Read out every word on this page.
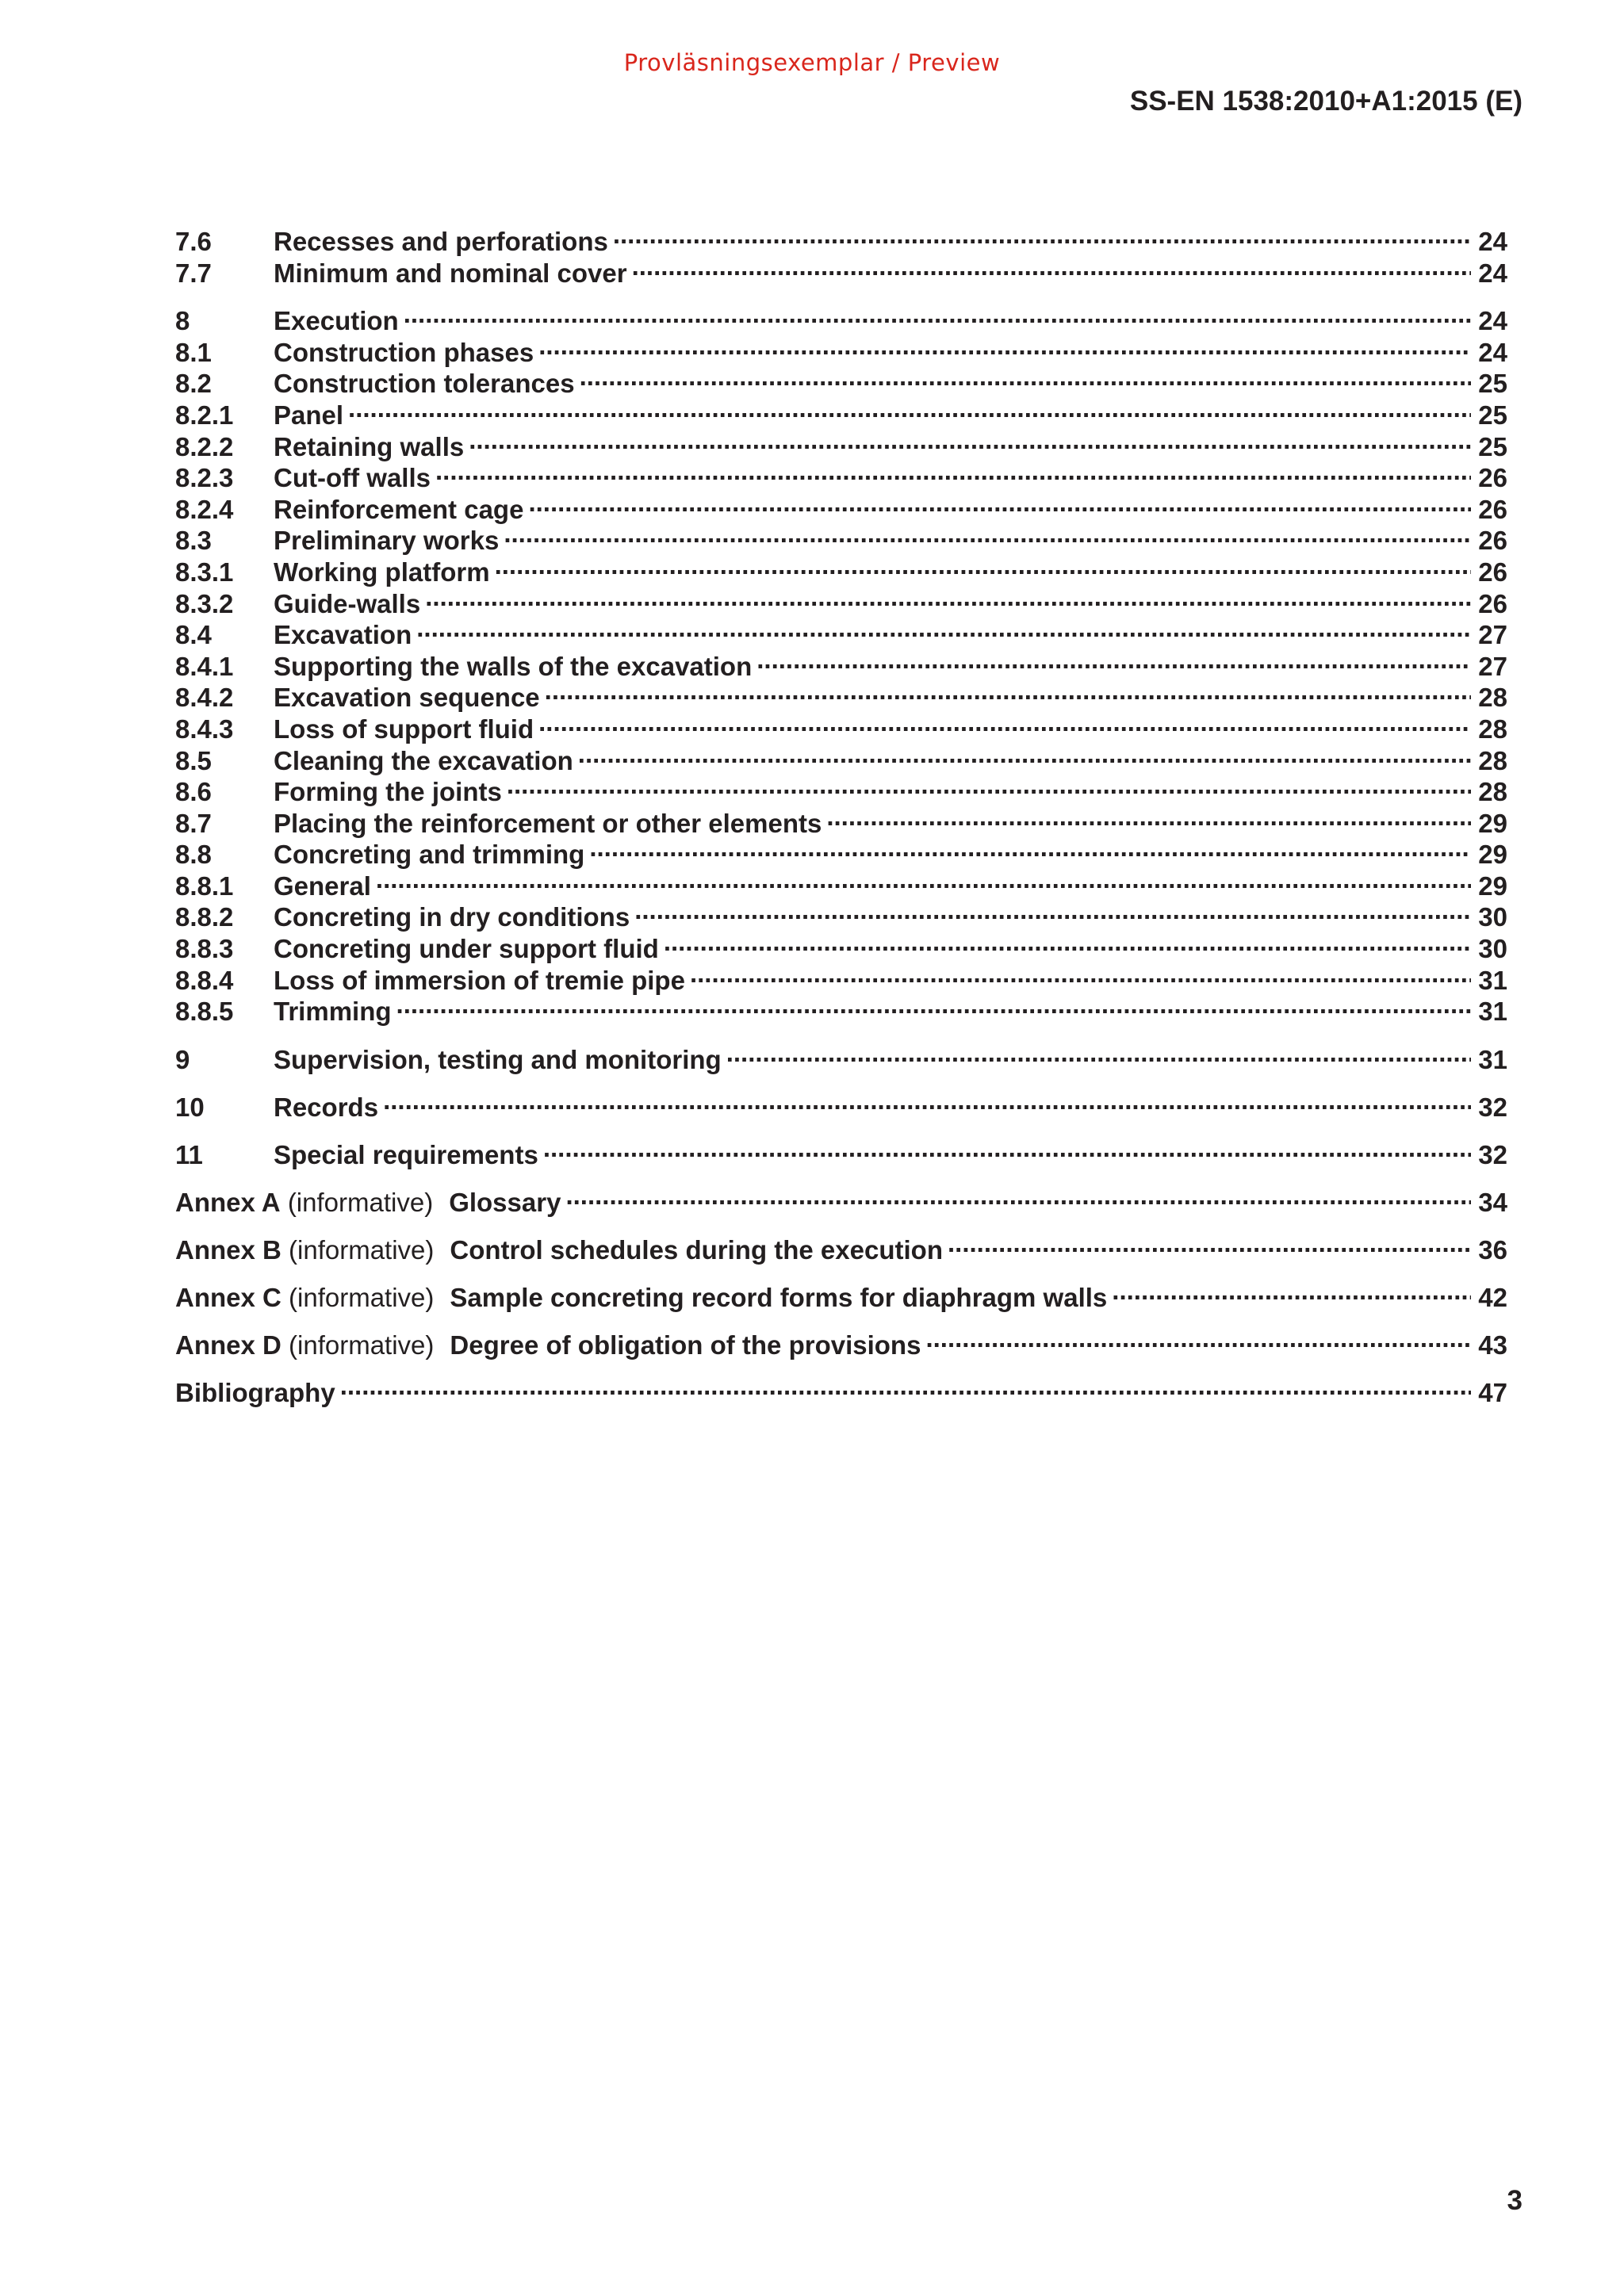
Provläsningsexemplar / Preview
SS-EN 1538:2010+A1:2015 (E)
7.6	Recesses and perforations .....	24
7.7	Minimum and nominal cover .....	24
8	Execution .....	24
8.1	Construction phases .....	24
8.2	Construction tolerances .....	25
8.2.1	Panel .....	25
8.2.2	Retaining walls .....	25
8.2.3	Cut-off walls .....	26
8.2.4	Reinforcement cage .....	26
8.3	Preliminary works .....	26
8.3.1	Working platform .....	26
8.3.2	Guide-walls .....	26
8.4	Excavation .....	27
8.4.1	Supporting the walls of the excavation .....	27
8.4.2	Excavation sequence .....	28
8.4.3	Loss of support fluid .....	28
8.5	Cleaning the excavation .....	28
8.6	Forming the joints .....	28
8.7	Placing the reinforcement or other elements .....	29
8.8	Concreting and trimming .....	29
8.8.1	General .....	29
8.8.2	Concreting in dry conditions .....	30
8.8.3	Concreting under support fluid .....	30
8.8.4	Loss of immersion of tremie pipe .....	31
8.8.5	Trimming .....	31
9	Supervision, testing and monitoring .....	31
10	Records .....	32
11	Special requirements .....	32
Annex A (informative) Glossary .....	34
Annex B (informative) Control schedules during the execution .....	36
Annex C (informative) Sample concreting record forms for diaphragm walls .....	42
Annex D (informative) Degree of obligation of the provisions .....	43
Bibliography .....	47
3
